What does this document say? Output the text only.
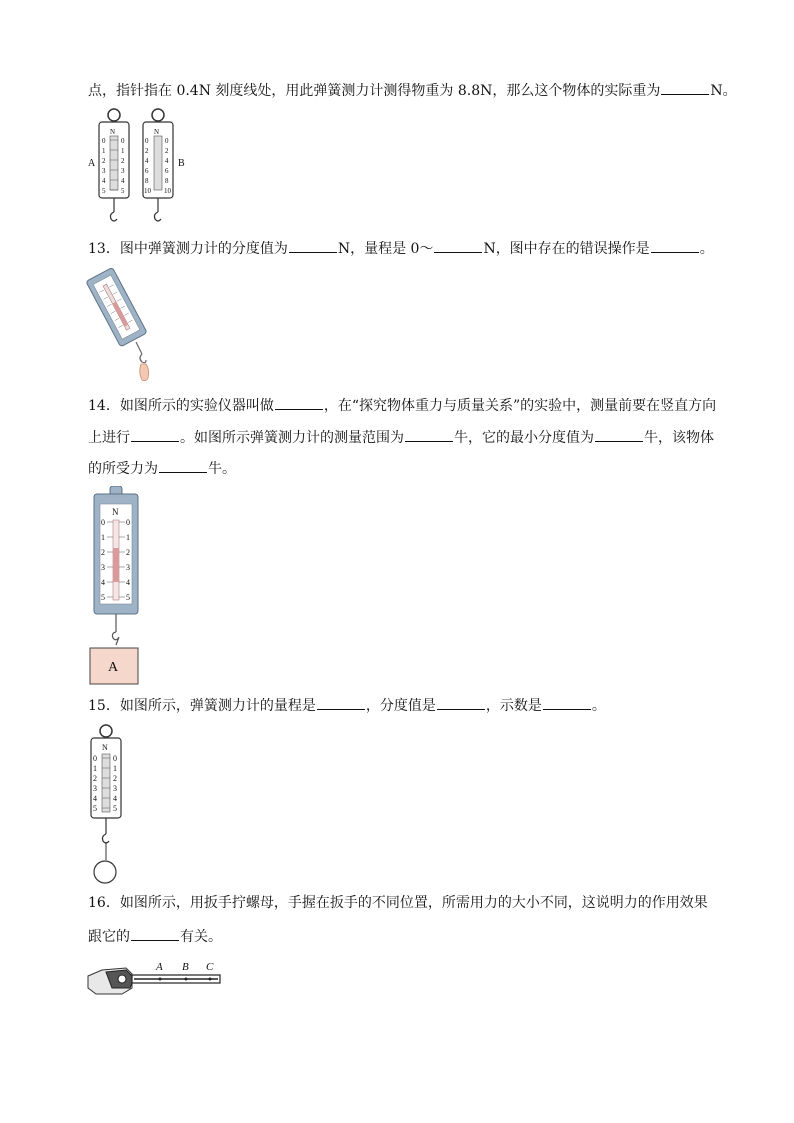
点，指针指在 0.4N 刻度线处，用此弹簧测力计测得物重为 8.8N，那么这个物体的实际重为	N。
A
N
0
1
2
3
4
5
0
1
2
3
4
5
N
0
2
4
6
8
10
0
2
4
6
8
10
B
13．图中弹簧测力计的分度值为	N，量程是 0～	N，图中存在的错误操作是	。
14．如图所示的实验仪器叫做	，在“探究物体重力与质量关系”的实验中，测量前要在竖直方向
上进行	。如图所示弹簧测力计的测量范围为	牛，它的最小分度值为	牛，该物体
的所受力为	牛。
N
0
1
2
3
4
5
0
1
2
3
4
5
A
15．如图所示，弹簧测力计的量程是	，分度值是	，示数是	。
N
0
1
2
3
4
5
0
1
2
3
4
5
16．如图所示，用扳手拧螺母，手握在扳手的不同位置，所需用力的大小不同，这说明力的作用效果
跟它的	有关。
A B C
